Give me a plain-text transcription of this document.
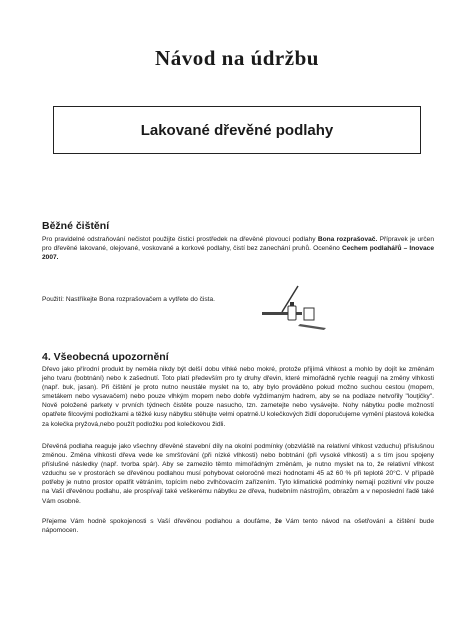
Návod na údržbu
Lakované dřevěné podlahy
Běžné čištění
Pro pravidelné odstraňování nečistot použijte čisticí prostředek na dřevěné plovoucí podlahy Bona rozprašovač. Přípravek je určen pro dřevěné lakované, olejované, voskované a korkové podlahy, čistí bez zanechání pruhů. Oceněno Cechem podlahářů – Inovace 2007.
Použití: Nastříkejte Bona rozprašovačem a vytřete do čista.
4. Všeobecná upozornění
Dřevo jako přírodní produkt by neměla nikdy být delší dobu vlhké nebo mokré, protože přijímá vlhkost a mohlo by dojít ke změnám jeho tvaru (bobtnání) nebo k zašednutí. Toto platí především pro ty druhy dřevin, které mimořádně rychle reagují na změny vlhkosti (např. buk, jasan). Při čištění je proto nutno neustále myslet na to, aby bylo prováděno pokud možno suchou cestou (mopem, smetákem nebo vysavačem) nebo pouze vlhkým mopem nebo dobře vyždímaným hadrem, aby se na podlaze netvořily "louţičky". Nově položené parkety v prvních týdnech čistěte pouze nasucho, tzn. zametejte nebo vysávejte. Nohy nábytku podle možností opatřete filcovými podložkami a těžké kusy nábytku stěhujte velmi opatrně.U kolečkových židlí doporučujeme vymění plastová kolečka za kolečka pryžová,nebo použít podložku pod kolečkovou židli.
Dřevěná podlaha reaguje jako všechny dřevěné stavební díly na okolní podmínky (obzvláště na relativní vlhkost vzduchu) příslušnou změnou. Změna vlhkosti dřeva vede ke smršťování (při nízké vlhkosti) nebo bobtnání (při vysoké vlhkosti) a s tím jsou spojeny příslušné následky (např. tvorba spár). Aby se zamezilo těmto mimořádným změnám, je nutno myslet na to, že relativní vlhkost vzduchu se v prostorách se dřevěnou podlahou musí pohybovat celoročně mezi hodnotami 45 až 60 % při teplotě 20°C. V případě potřeby je nutno prostor opatřit větráním, topícím nebo zvlhčovacím zařízením. Tyto klimatické podmínky nemají pozitivní vliv pouze na Vaší dřevěnou podlahu, ale prospívají také veškerému nábytku ze dřeva, hudebním nástrojům, obrazům a v neposlední řadě také Vám osobně.
Přejeme Vám hodně spokojenosti s Vaší dřevěnou podlahou a doufáme, že Vám tento návod na ošetřování a čištění bude nápomocen.
